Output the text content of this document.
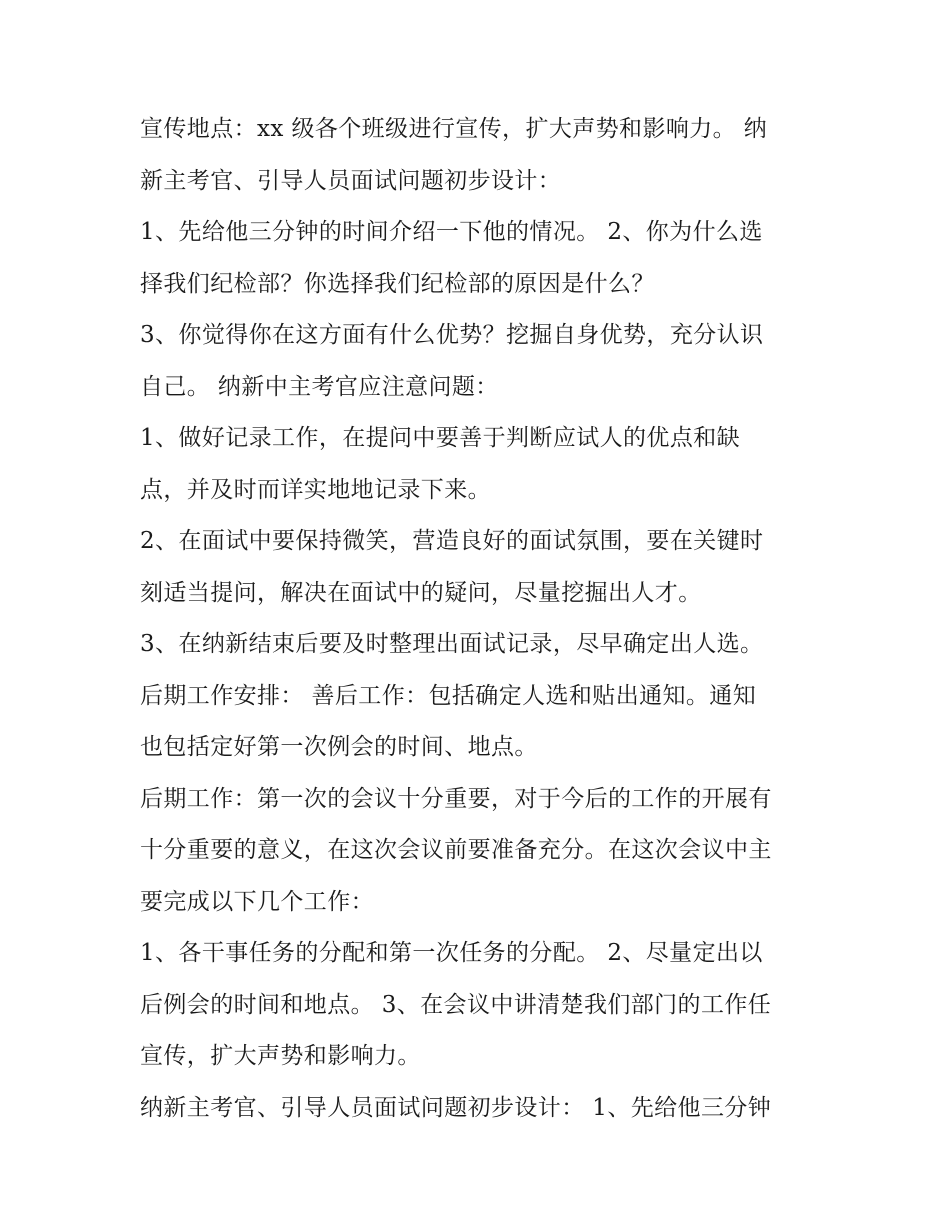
宣传地点：xx 级各个班级进行宣传，扩大声势和影响力。 纳
新主考官、引导人员面试问题初步设计：
1、先给他三分钟的时间介绍一下他的情况。 2、你为什么选
择我们纪检部？你选择我们纪检部的原因是什么？
3、你觉得你在这方面有什么优势？挖掘自身优势，充分认识
自己。 纳新中主考官应注意问题：
1、做好记录工作，在提问中要善于判断应试人的优点和缺
点，并及时而详实地地记录下来。
2、在面试中要保持微笑，营造良好的面试氛围，要在关键时
刻适当提问，解决在面试中的疑问，尽量挖掘出人才。
3、在纳新结束后要及时整理出面试记录，尽早确定出人选。
后期工作安排： 善后工作：包括确定人选和贴出通知。通知
也包括定好第一次例会的时间、地点。
后期工作：第一次的会议十分重要，对于今后的工作的开展有
十分重要的意义，在这次会议前要准备充分。在这次会议中主
要完成以下几个工作：
1、各干事任务的分配和第一次任务的分配。 2、尽量定出以
后例会的时间和地点。 3、在会议中讲清楚我们部门的工作任
宣传，扩大声势和影响力。
纳新主考官、引导人员面试问题初步设计： 1、先给他三分钟
